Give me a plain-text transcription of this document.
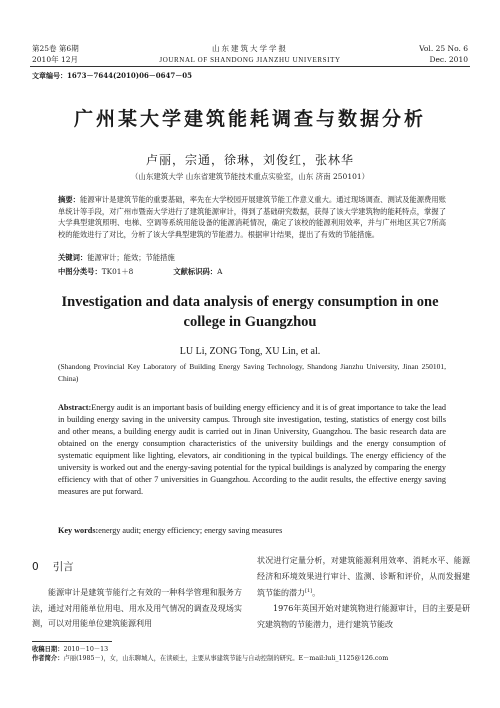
第25卷 第6期
2010年 12月
山东建筑大学学报
JOURNAL OF SHANDONG JIANZHU UNIVERSITY
Vol. 25 No. 6
Dec. 2010
文章编号：1673－7644(2010)06－0647－05
广州某大学建筑能耗调查与数据分析
卢丽，宗通，徐琳，刘俊红，张林华
（山东建筑大学 山东省建筑节能技术重点实验室，山东 济南 250101）
摘要：能源审计是建筑节能的重要基础，率先在大学校园开展建筑节能工作意义重大。通过现场调查、测试及能源费用账单统计等手段，对广州市暨南大学进行了建筑能源审计，得到了基础研究数据，获得了该大学建筑物的能耗特点，掌握了大学典型建筑照明、电梯、空调等系统用能设备的能源消耗情况，确定了该校的能源利用效率，并与广州地区其它7所高校的能效进行了对比，分析了该大学典型建筑的节能潜力。根据审计结果，提出了有效的节能措施。
关键词：能源审计；能效；节能措施
中图分类号：TK01＋8	文献标识码：A
Investigation and data analysis of energy consumption in one college in Guangzhou
LU Li, ZONG Tong, XU Lin, et al.
(Shandong Provincial Key Laboratory of Building Energy Saving Technology, Shandong Jianzhu University, Jinan 250101, China)
Abstract:Energy audit is an important basis of building energy efficiency and it is of great importance to take the lead in building energy saving in the university campus. Through site investigation, testing, statistics of energy cost bills and other means, a building energy audit is carried out in Jinan University, Guangzhou. The basic research data are obtained on the energy consumption characteristics of the university buildings and the energy consumption of systematic equipment like lighting, elevators, air conditioning in the typical buildings. The energy efficiency of the university is worked out and the energy-saving potential for the typical buildings is analyzed by comparing the energy efficiency with that of other 7 universities in Guangzhou. According to the audit results, the effective energy saving measures are put forward.
Key words:energy audit; energy efficiency; energy saving measures
0 引言

能源审计是建筑节能行之有效的一种科学管理和服务方法，通过对用能单位用电、用水及用气情况的调查及现场实测，可以对用能单位建筑能源利用

状况进行定量分析，对建筑能源利用效率、消耗水平、能源经济和环境效果进行审计、监测、诊断和评价，从而发掘建筑节能的潜力[1]。

1976年英国开始对建筑物进行能源审计，目的主要是研究建筑物的节能潜力，进行建筑节能改

收稿日期：2010－10－13
作者简介：卢丽(1985－)，女，山东聊城人，在读硕士，主要从事建筑节能与自动控制的研究。E－mail:luli_1125@126.com
